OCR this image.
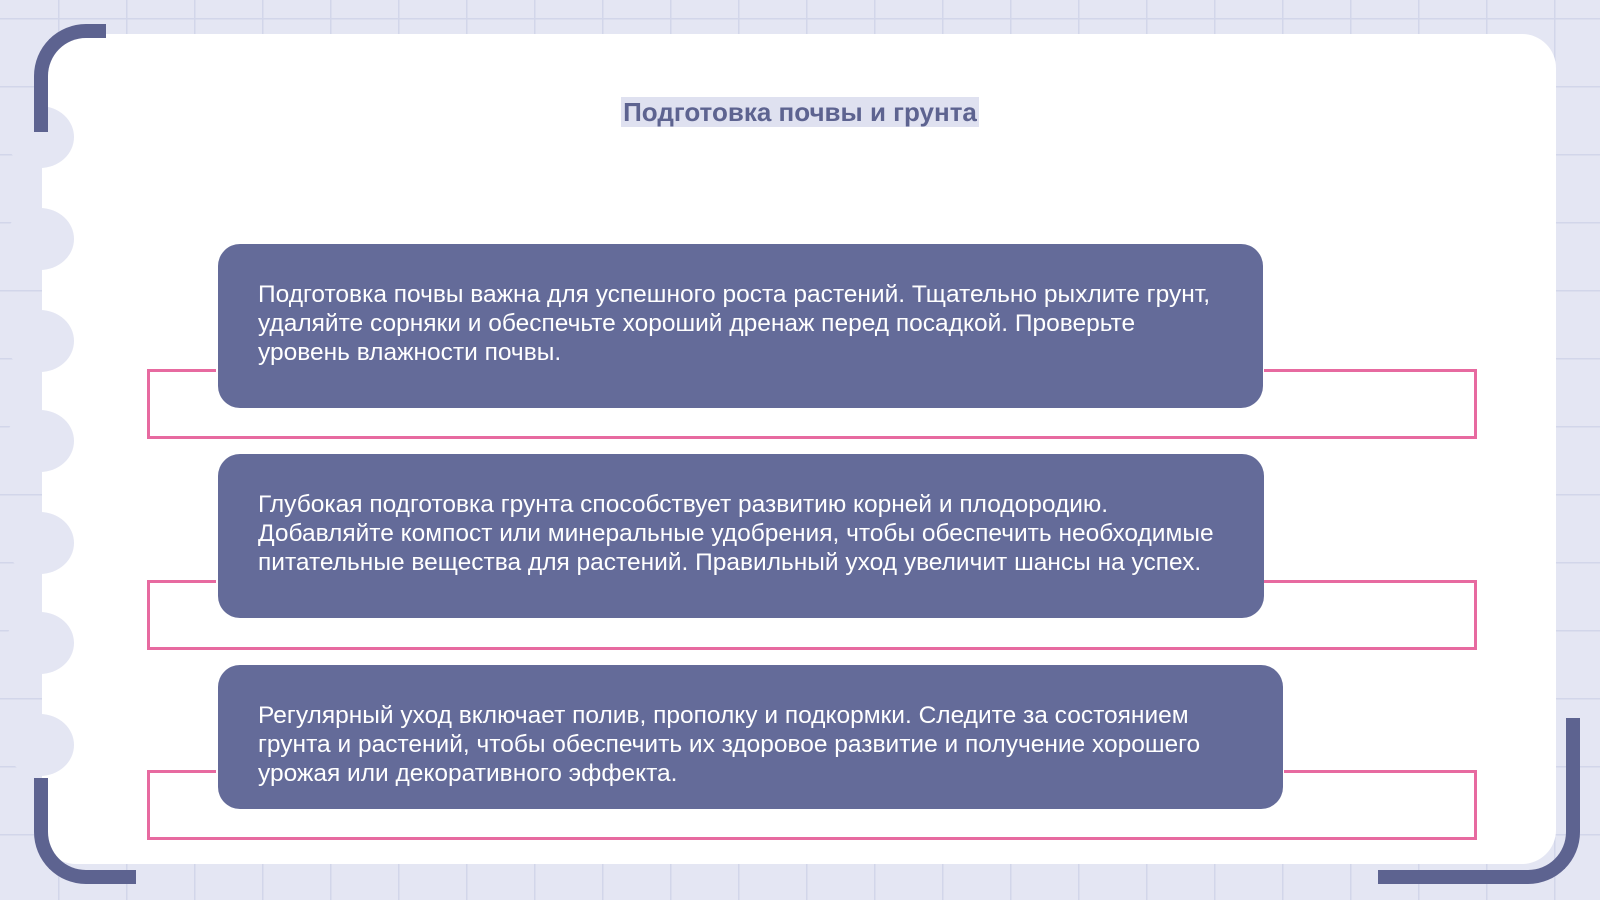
Подготовка почвы и грунта
Подготовка почвы важна для успешного роста растений. Тщательно рыхлите грунт, удаляйте сорняки и обеспечьте хороший дренаж перед посадкой. Проверьте уровень влажности почвы.
Глубокая подготовка грунта способствует развитию корней и плодородию. Добавляйте компост или минеральные удобрения, чтобы обеспечить необходимые питательные вещества для растений. Правильный уход увеличит шансы на успех.
Регулярный уход включает полив, прополку и подкормки. Следите за состоянием грунта и растений, чтобы обеспечить их здоровое развитие и получение хорошего урожая или декоративного эффекта.
